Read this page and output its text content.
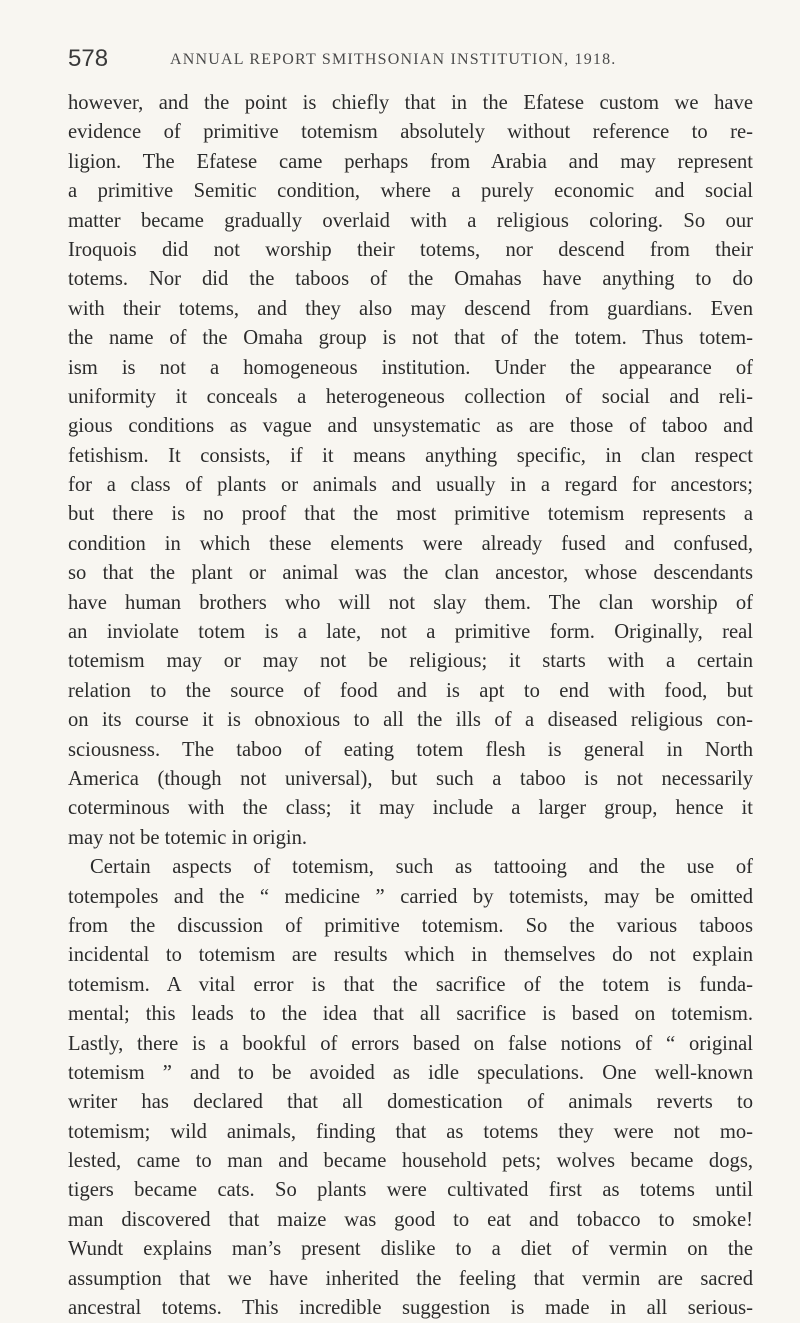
578	ANNUAL REPORT SMITHSONIAN INSTITUTION, 1918.
however, and the point is chiefly that in the Efatese custom we have
evidence of primitive totemism absolutely without reference to re-
ligion. The Efatese came perhaps from Arabia and may represent
a primitive Semitic condition, where a purely economic and social
matter became gradually overlaid with a religious coloring. So our
Iroquois did not worship their totems, nor descend from their
totems. Nor did the taboos of the Omahas have anything to do
with their totems, and they also may descend from guardians. Even
the name of the Omaha group is not that of the totem. Thus totem-
ism is not a homogeneous institution. Under the appearance of
uniformity it conceals a heterogeneous collection of social and reli-
gious conditions as vague and unsystematic as are those of taboo and
fetishism. It consists, if it means anything specific, in clan respect
for a class of plants or animals and usually in a regard for ancestors;
but there is no proof that the most primitive totemism represents a
condition in which these elements were already fused and confused,
so that the plant or animal was the clan ancestor, whose descendants
have human brothers who will not slay them. The clan worship of
an inviolate totem is a late, not a primitive form. Originally, real
totemism may or may not be religious; it starts with a certain
relation to the source of food and is apt to end with food, but
on its course it is obnoxious to all the ills of a diseased religious con-
sciousness. The taboo of eating totem flesh is general in North
America (though not universal), but such a taboo is not necessarily
coterminous with the class; it may include a larger group, hence it
may not be totemic in origin.
Certain aspects of totemism, such as tattooing and the use of
totempoles and the “ medicine ” carried by totemists, may be omitted
from the discussion of primitive totemism. So the various taboos
incidental to totemism are results which in themselves do not explain
totemism. A vital error is that the sacrifice of the totem is funda-
mental; this leads to the idea that all sacrifice is based on totemism.
Lastly, there is a bookful of errors based on false notions of “ original
totemism ” and to be avoided as idle speculations. One well-known
writer has declared that all domestication of animals reverts to
totemism; wild animals, finding that as totems they were not mo-
lested, came to man and became household pets; wolves became dogs,
tigers became cats. So plants were cultivated first as totems until
man discovered that maize was good to eat and tobacco to smoke!
Wundt explains man’s present dislike to a diet of vermin on the
assumption that we have inherited the feeling that vermin are sacred
ancestral totems. This incredible suggestion is made in all serious-
